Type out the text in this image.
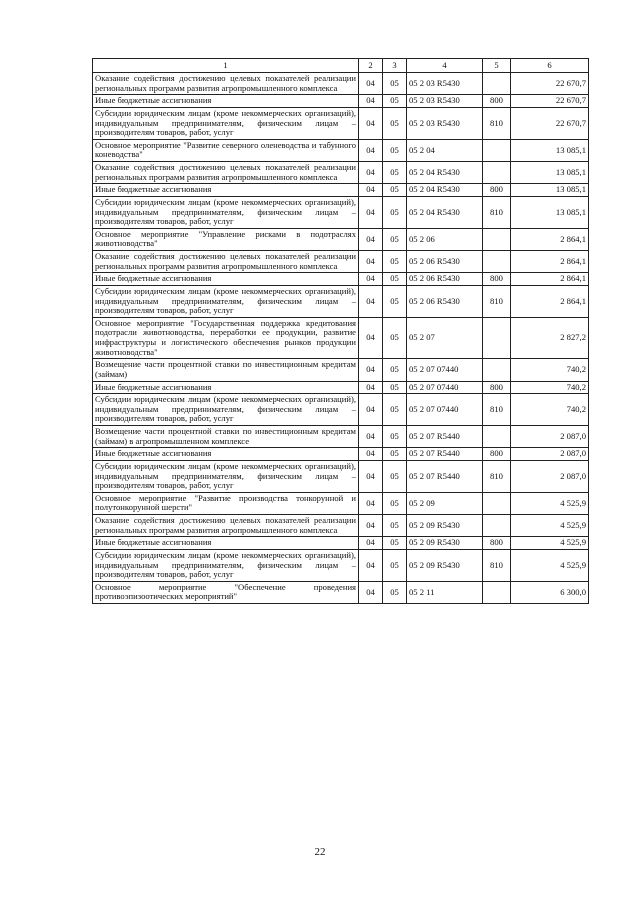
1	2	3	4	5	6
Оказание содействия достижению целевых показателей реализации региональных программ развития агропромышленного комплекса	04	05	05 2 03 R5430		22 670,7
Иные бюджетные ассигнования	04	05	05 2 03 R5430	800	22 670,7
Субсидии юридическим лицам (кроме некоммерческих организаций), индивидуальным предпринимателям, физическим лицам – производителям товаров, работ, услуг	04	05	05 2 03 R5430	810	22 670,7
Основное мероприятие "Развитие северного оленеводства и табунного коневодства"	04	05	05 2 04		13 085,1
Оказание содействия достижению целевых показателей реализации региональных программ развития агропромышленного комплекса	04	05	05 2 04 R5430		13 085,1
Иные бюджетные ассигнования	04	05	05 2 04 R5430	800	13 085,1
Субсидии юридическим лицам (кроме некоммерческих организаций), индивидуальным предпринимателям, физическим лицам – производителям товаров, работ, услуг	04	05	05 2 04 R5430	810	13 085,1
Основное мероприятие "Управление рисками в подотраслях животноводства"	04	05	05 2 06		2 864,1
Оказание содействия достижению целевых показателей реализации региональных программ развития агропромышленного комплекса	04	05	05 2 06 R5430		2 864,1
Иные бюджетные ассигнования	04	05	05 2 06 R5430	800	2 864,1
Субсидии юридическим лицам (кроме некоммерческих организаций), индивидуальным предпринимателям, физическим лицам – производителям товаров, работ, услуг	04	05	05 2 06 R5430	810	2 864,1
Основное мероприятие "Государственная поддержка кредитования подотрасли животноводства, переработки ее продукции, развитие инфраструктуры и логистического обеспечения рынков продукции животноводства"	04	05	05 2 07		2 827,2
Возмещение части процентной ставки по инвестиционным кредитам (займам)	04	05	05 2 07 07440		740,2
Иные бюджетные ассигнования	04	05	05 2 07 07440	800	740,2
Субсидии юридическим лицам (кроме некоммерческих организаций), индивидуальным предпринимателям, физическим лицам – производителям товаров, работ, услуг	04	05	05 2 07 07440	810	740,2
Возмещение части процентной ставки по инвестиционным кредитам (займам) в агропромышленном комплексе	04	05	05 2 07 R5440		2 087,0
Иные бюджетные ассигнования	04	05	05 2 07 R5440	800	2 087,0
Субсидии юридическим лицам (кроме некоммерческих организаций), индивидуальным предпринимателям, физическим лицам – производителям товаров, работ, услуг	04	05	05 2 07 R5440	810	2 087,0
Основное мероприятие "Развитие производства тонкорунной и полутонкорунной шерсти"	04	05	05 2 09		4 525,9
Оказание содействия достижению целевых показателей реализации региональных программ развития агропромышленного комплекса	04	05	05 2 09 R5430		4 525,9
Иные бюджетные ассигнования	04	05	05 2 09 R5430	800	4 525,9
Субсидии юридическим лицам (кроме некоммерческих организаций), индивидуальным предпринимателям, физическим лицам – производителям товаров, работ, услуг	04	05	05 2 09 R5430	810	4 525,9
Основное мероприятие "Обеспечение проведения противоэпизоотических мероприятий"	04	05	05 2 11		6 300,0
22
